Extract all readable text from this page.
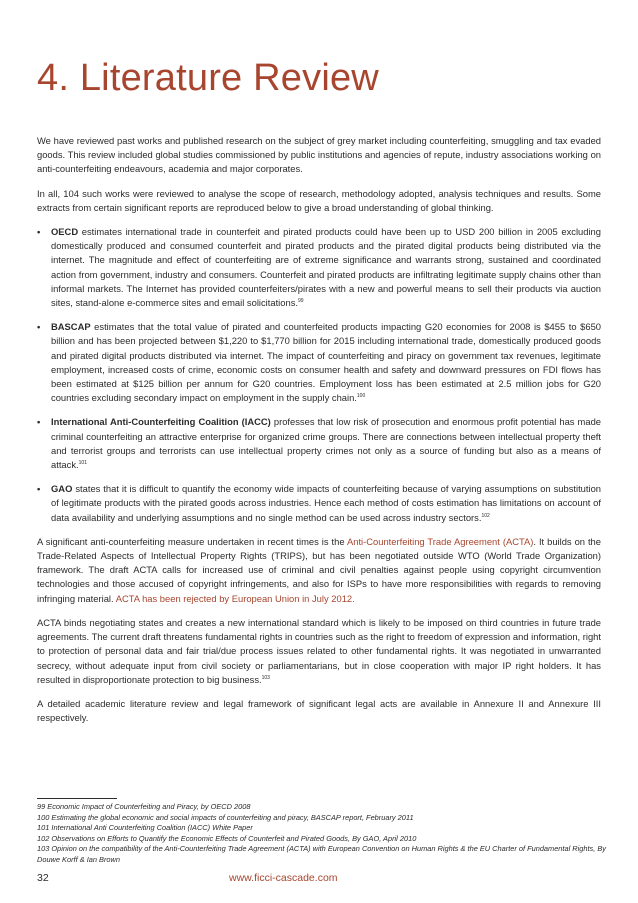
4. Literature Review

We have reviewed past works and published research on the subject of grey market including counterfeiting, smuggling and tax evaded goods. This review included global studies commissioned by public institutions and agencies of repute, industry associations working on anti-counterfeiting endeavours, academia and major corporates.

In all, 104 such works were reviewed to analyse the scope of research, methodology adopted, analysis techniques and results. Some extracts from certain significant reports are reproduced below to give a broad understanding of global thinking.

• OECD estimates international trade in counterfeit and pirated products could have been up to USD 200 billion in 2005 excluding domestically produced and consumed counterfeit and pirated products and the pirated digital products being distributed via the internet. The magnitude and effect of counterfeiting are of extreme significance and warrants strong, sustained and coordinated action from government, industry and consumers. Counterfeit and pirated products are infiltrating legitimate supply chains other than informal markets. The Internet has provided counterfeiters/pirates with a new and powerful means to sell their products via auction sites, stand-alone e-commerce sites and email solicitations.$^{99}$
• BASCAP estimates that the total value of pirated and counterfeited products impacting G20 economies for 2008 is $455 to $650 billion and has been projected between $1,220 to $1,770 billion for 2015 including international trade, domestically produced goods and pirated digital products distributed via internet. The impact of counterfeiting and piracy on government tax revenues, legitimate employment, increased costs of crime, economic costs on consumer health and safety and downward pressures on FDI flows has been estimated at $125 billion per annum for G20 countries. Employment loss has been estimated at 2.5 million jobs for G20 countries excluding secondary impact on employment in the supply chain.$^{100}$
• International Anti-Counterfeiting Coalition (IACC) professes that low risk of prosecution and enormous profit potential has made criminal counterfeiting an attractive enterprise for organized crime groups. There are connections between intellectual property theft and terrorist groups and terrorists can use intellectual property crimes not only as a source of funding but also as a means of attack.$^{101}$
• GAO states that it is difficult to quantify the economy wide impacts of counterfeiting because of varying assumptions on substitution of legitimate products with the pirated goods across industries. Hence each method of costs estimation has limitations on account of data availability and underlying assumptions and no single method can be used across industry sectors.$^{102}$

A significant anti-counterfeiting measure undertaken in recent times is the Anti-Counterfeiting Trade Agreement (ACTA). It builds on the Trade-Related Aspects of Intellectual Property Rights (TRIPS), but has been negotiated outside WTO (World Trade Organization) framework. The draft ACTA calls for increased use of criminal and civil penalties against people using copyright circumvention technologies and those accused of copyright infringements, and also for ISPs to have more responsibilities with regards to removing infringing material. ACTA has been rejected by European Union in July 2012.

ACTA binds negotiating states and creates a new international standard which is likely to be imposed on third countries in future trade agreements. The current draft threatens fundamental rights in countries such as the right to freedom of expression and information, right to protection of personal data and fair trial/due process issues related to other fundamental rights. It was negotiated in unwarranted secrecy, without adequate input from civil society or parliamentarians, but in close cooperation with major IP right holders. It has resulted in disproportionate protection to big business.$^{103}$

A detailed academic literature review and legal framework of significant legal acts are available in Annexure II and Annexure III respectively.

99 Economic Impact of Counterfeiting and Piracy, by OECD 2008
100 Estimating the global economic and social impacts of counterfeiting and piracy, BASCAP report, February 2011
101 International Anti Counterfeiting Coalition (IACC) White Paper
102 Observations on Efforts to Quantify the Economic Effects of Counterfeit and Pirated Goods, By GAO, April 2010
103 Opinion on the compatibility of the Anti-Counterfeiting Trade Agreement (ACTA) with European Convention on Human Rights & the EU Charter of Fundamental Rights, By Douwe Korff & Ian Brown
32	www.ficci-cascade.com
